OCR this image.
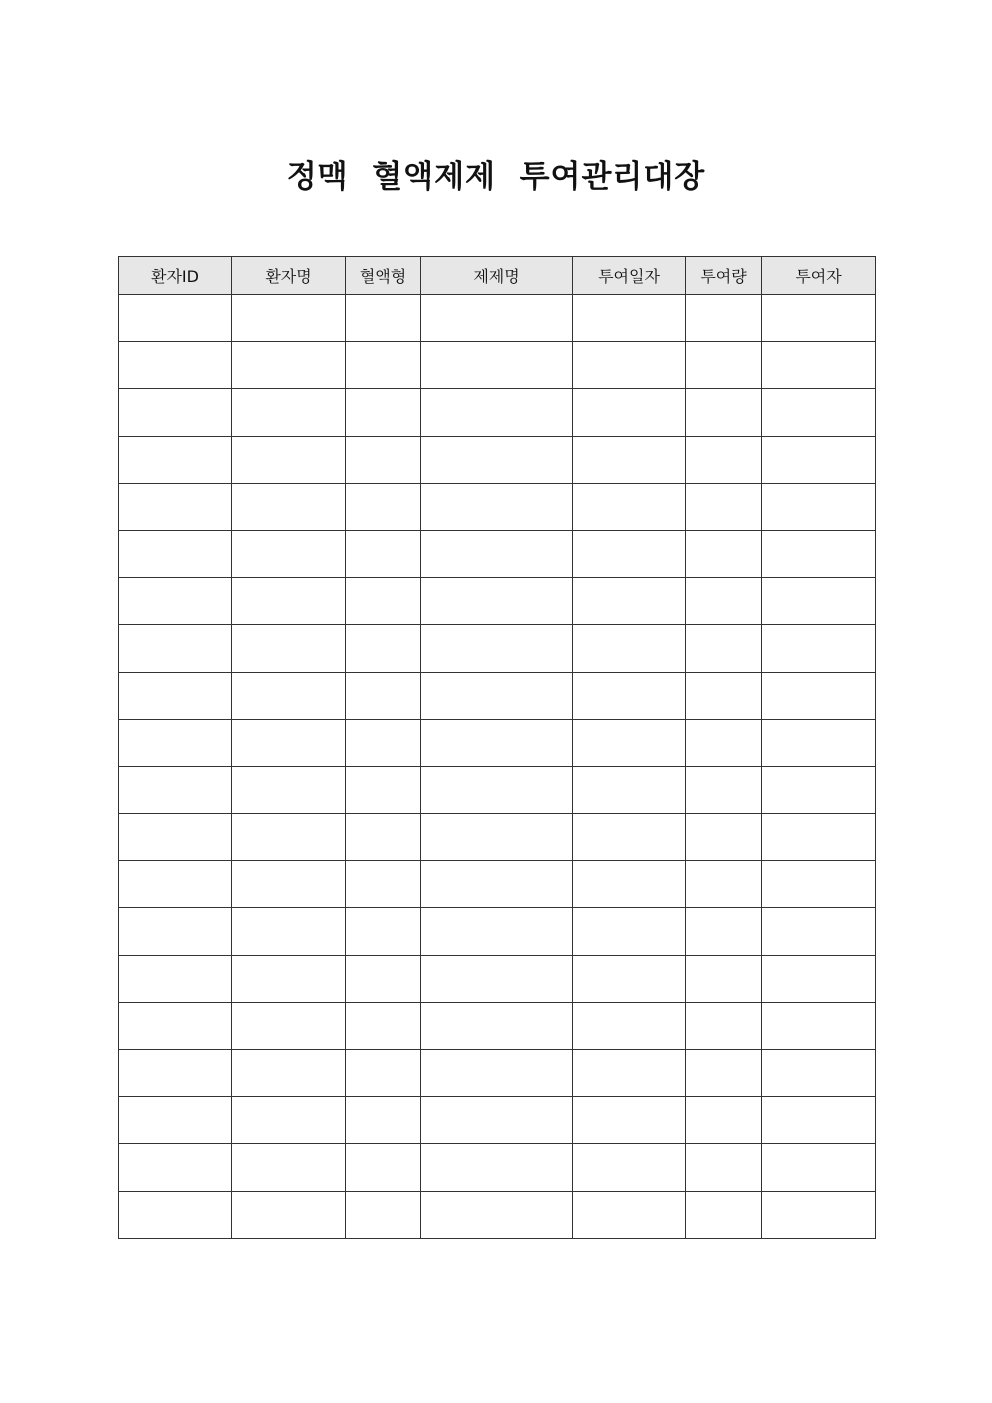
정맥  혈액제제  투여관리대장
환자ID	환자명	혈액형	제제명	투여일자	투여량	투여자
